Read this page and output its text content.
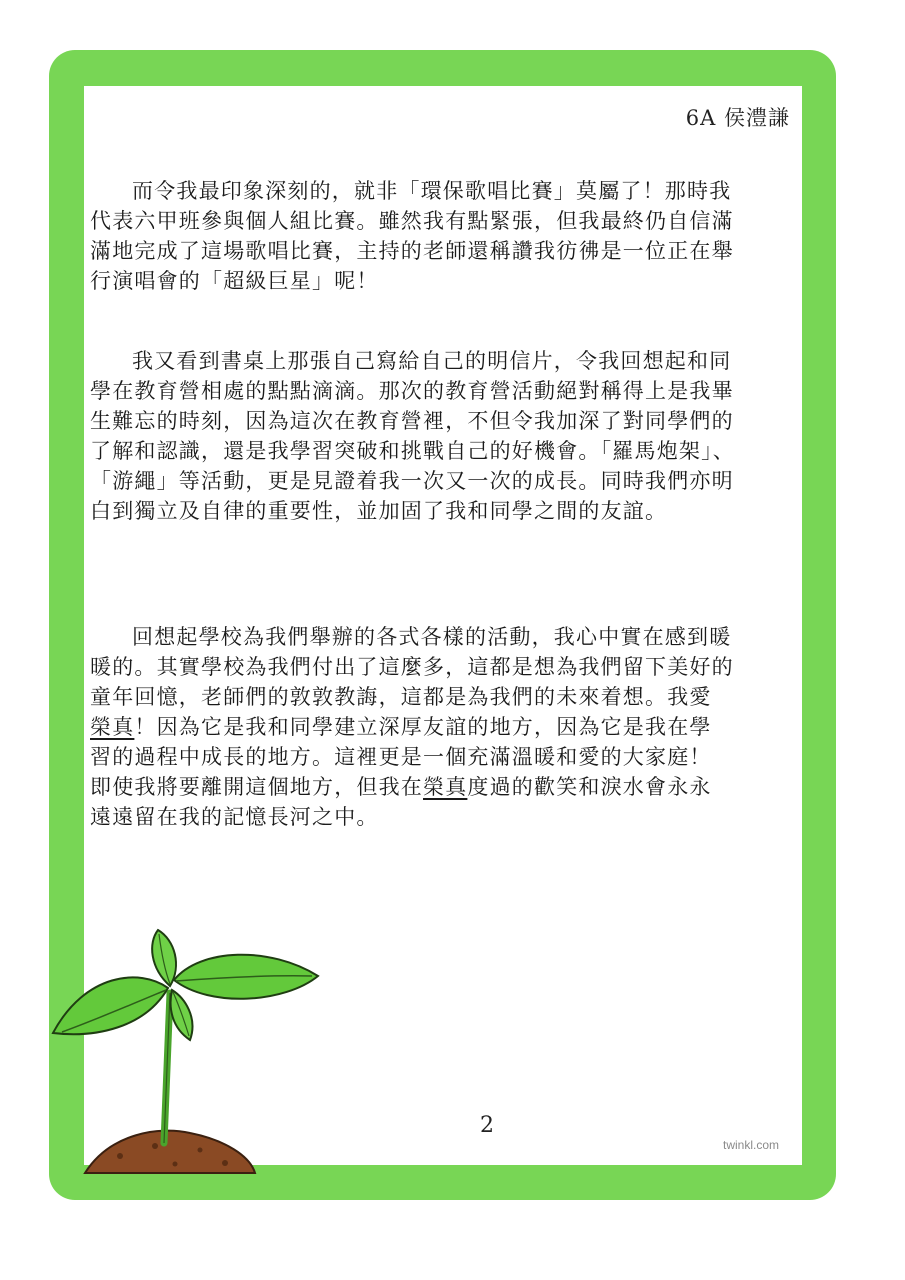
6A 侯澧謙
而令我最印象深刻的，就非「環保歌唱比賽」莫屬了！那時我
代表六甲班參與個人組比賽。雖然我有點緊張，但我最終仍自信滿
滿地完成了這場歌唱比賽，主持的老師還稱讚我彷彿是一位正在舉
行演唱會的「超級巨星」呢！
我又看到書桌上那張自己寫給自己的明信片，令我回想起和同
學在教育營相處的點點滴滴。那次的教育營活動絕對稱得上是我畢
生難忘的時刻，因為這次在教育營裡，不但令我加深了對同學們的
了解和認識，還是我學習突破和挑戰自己的好機會。「羅馬炮架」、
「游繩」等活動，更是見證着我一次又一次的成長。同時我們亦明
白到獨立及自律的重要性，並加固了我和同學之間的友誼。
回想起學校為我們舉辦的各式各樣的活動，我心中實在感到暖
暖的。其實學校為我們付出了這麼多，這都是想為我們留下美好的
童年回憶，老師們的敦敦教誨，這都是為我們的未來着想。我愛
榮真！因為它是我和同學建立深厚友誼的地方，因為它是我在學
習的過程中成長的地方。這裡更是一個充滿溫暖和愛的大家庭！
即使我將要離開這個地方，但我在榮真度過的歡笑和淚水會永永
遠遠留在我的記憶長河之中。
2
twinkl.com
